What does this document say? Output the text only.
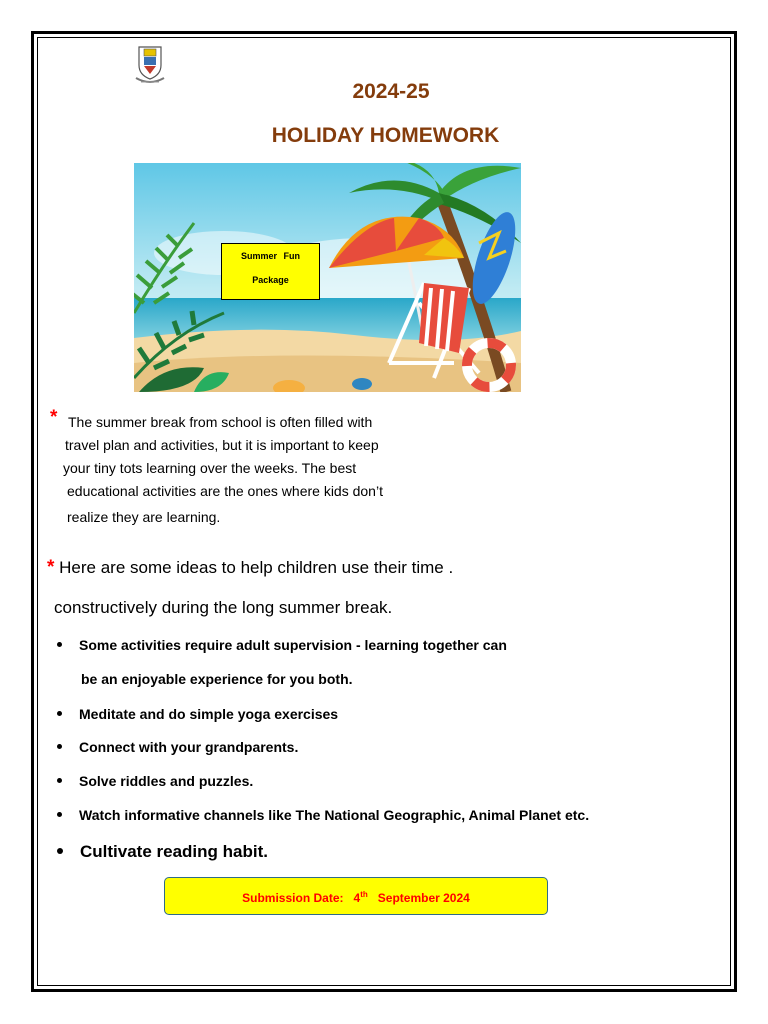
2024-25
HOLIDAY HOMEWORK
Summer Fun
Package
* The summer break from school is often filled with
travel plan and activities, but it is important to keep
your tiny tots learning over the weeks. The best
educational activities are the ones where kids don’t
realize they are learning.
* Here are some ideas to help children use their time .
constructively during the long summer break.
Some activities require adult supervision - learning together can
be an enjoyable experience for you both.
Meditate and do simple yoga exercises
Connect with your grandparents.
Solve riddles and puzzles.
Watch informative channels like The National Geographic, Animal Planet etc.
Cultivate reading habit.
Submission Date: 4th September 2024
